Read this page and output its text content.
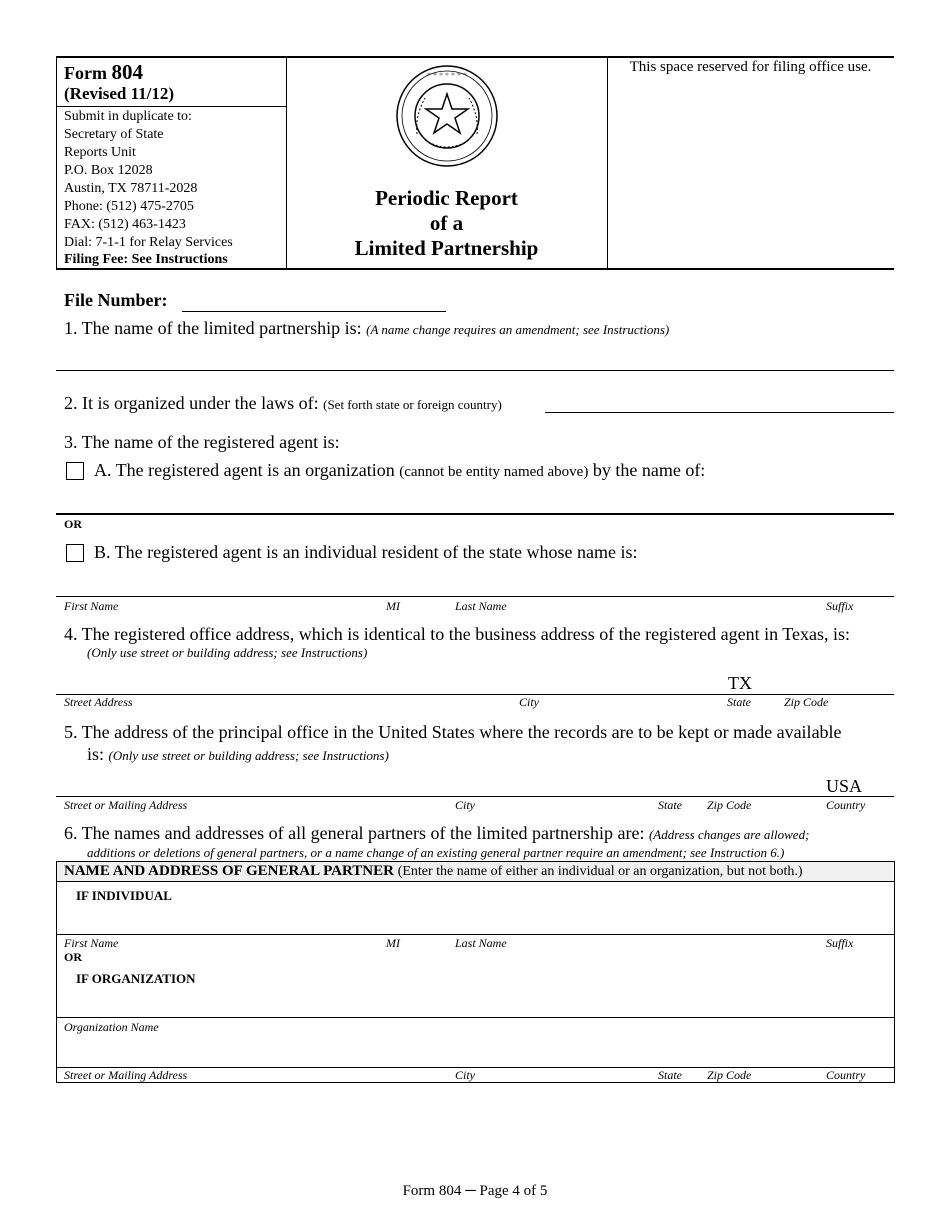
Form 804
(Revised 11/12)
Submit in duplicate to:
Secretary of State
Reports Unit
P.O. Box 12028
Austin, TX 78711-2028
Phone: (512) 475-2705
FAX: (512) 463-1423
Dial: 7-1-1 for Relay Services
Filing Fee: See Instructions
* * * * * * *
Periodic Report
of a
Limited Partnership
This space reserved for filing office use.
File Number:
1. The name of the limited partnership is: (A name change requires an amendment; see Instructions)
2. It is organized under the laws of: (Set forth state or foreign country)
3. The name of the registered agent is:
A. The registered agent is an organization (cannot be entity named above) by the name of:
OR
B. The registered agent is an individual resident of the state whose name is:
First Name	MI	Last Name	Suffix
4. The registered office address, which is identical to the business address of the registered agent in Texas, is:
(Only use street or building address; see Instructions)
TX
Street Address	City	State	Zip Code
5. The address of the principal office in the United States where the records are to be kept or made available
is: (Only use street or building address; see Instructions)
USA
Street or Mailing Address	City	State Zip Code	Country
6. The names and addresses of all general partners of the limited partnership are: (Address changes are allowed;
additions or deletions of general partners, or a name change of an existing general partner require an amendment; see Instruction 6.)
NAME AND ADDRESS OF GENERAL PARTNER (Enter the name of either an individual or an organization, but not both.)
IF INDIVIDUAL
First Name	MI	Last Name	Suffix
OR
IF ORGANIZATION
Organization Name
Street or Mailing Address	City	State Zip Code	Country
Form 804 ─ Page 4 of 5
